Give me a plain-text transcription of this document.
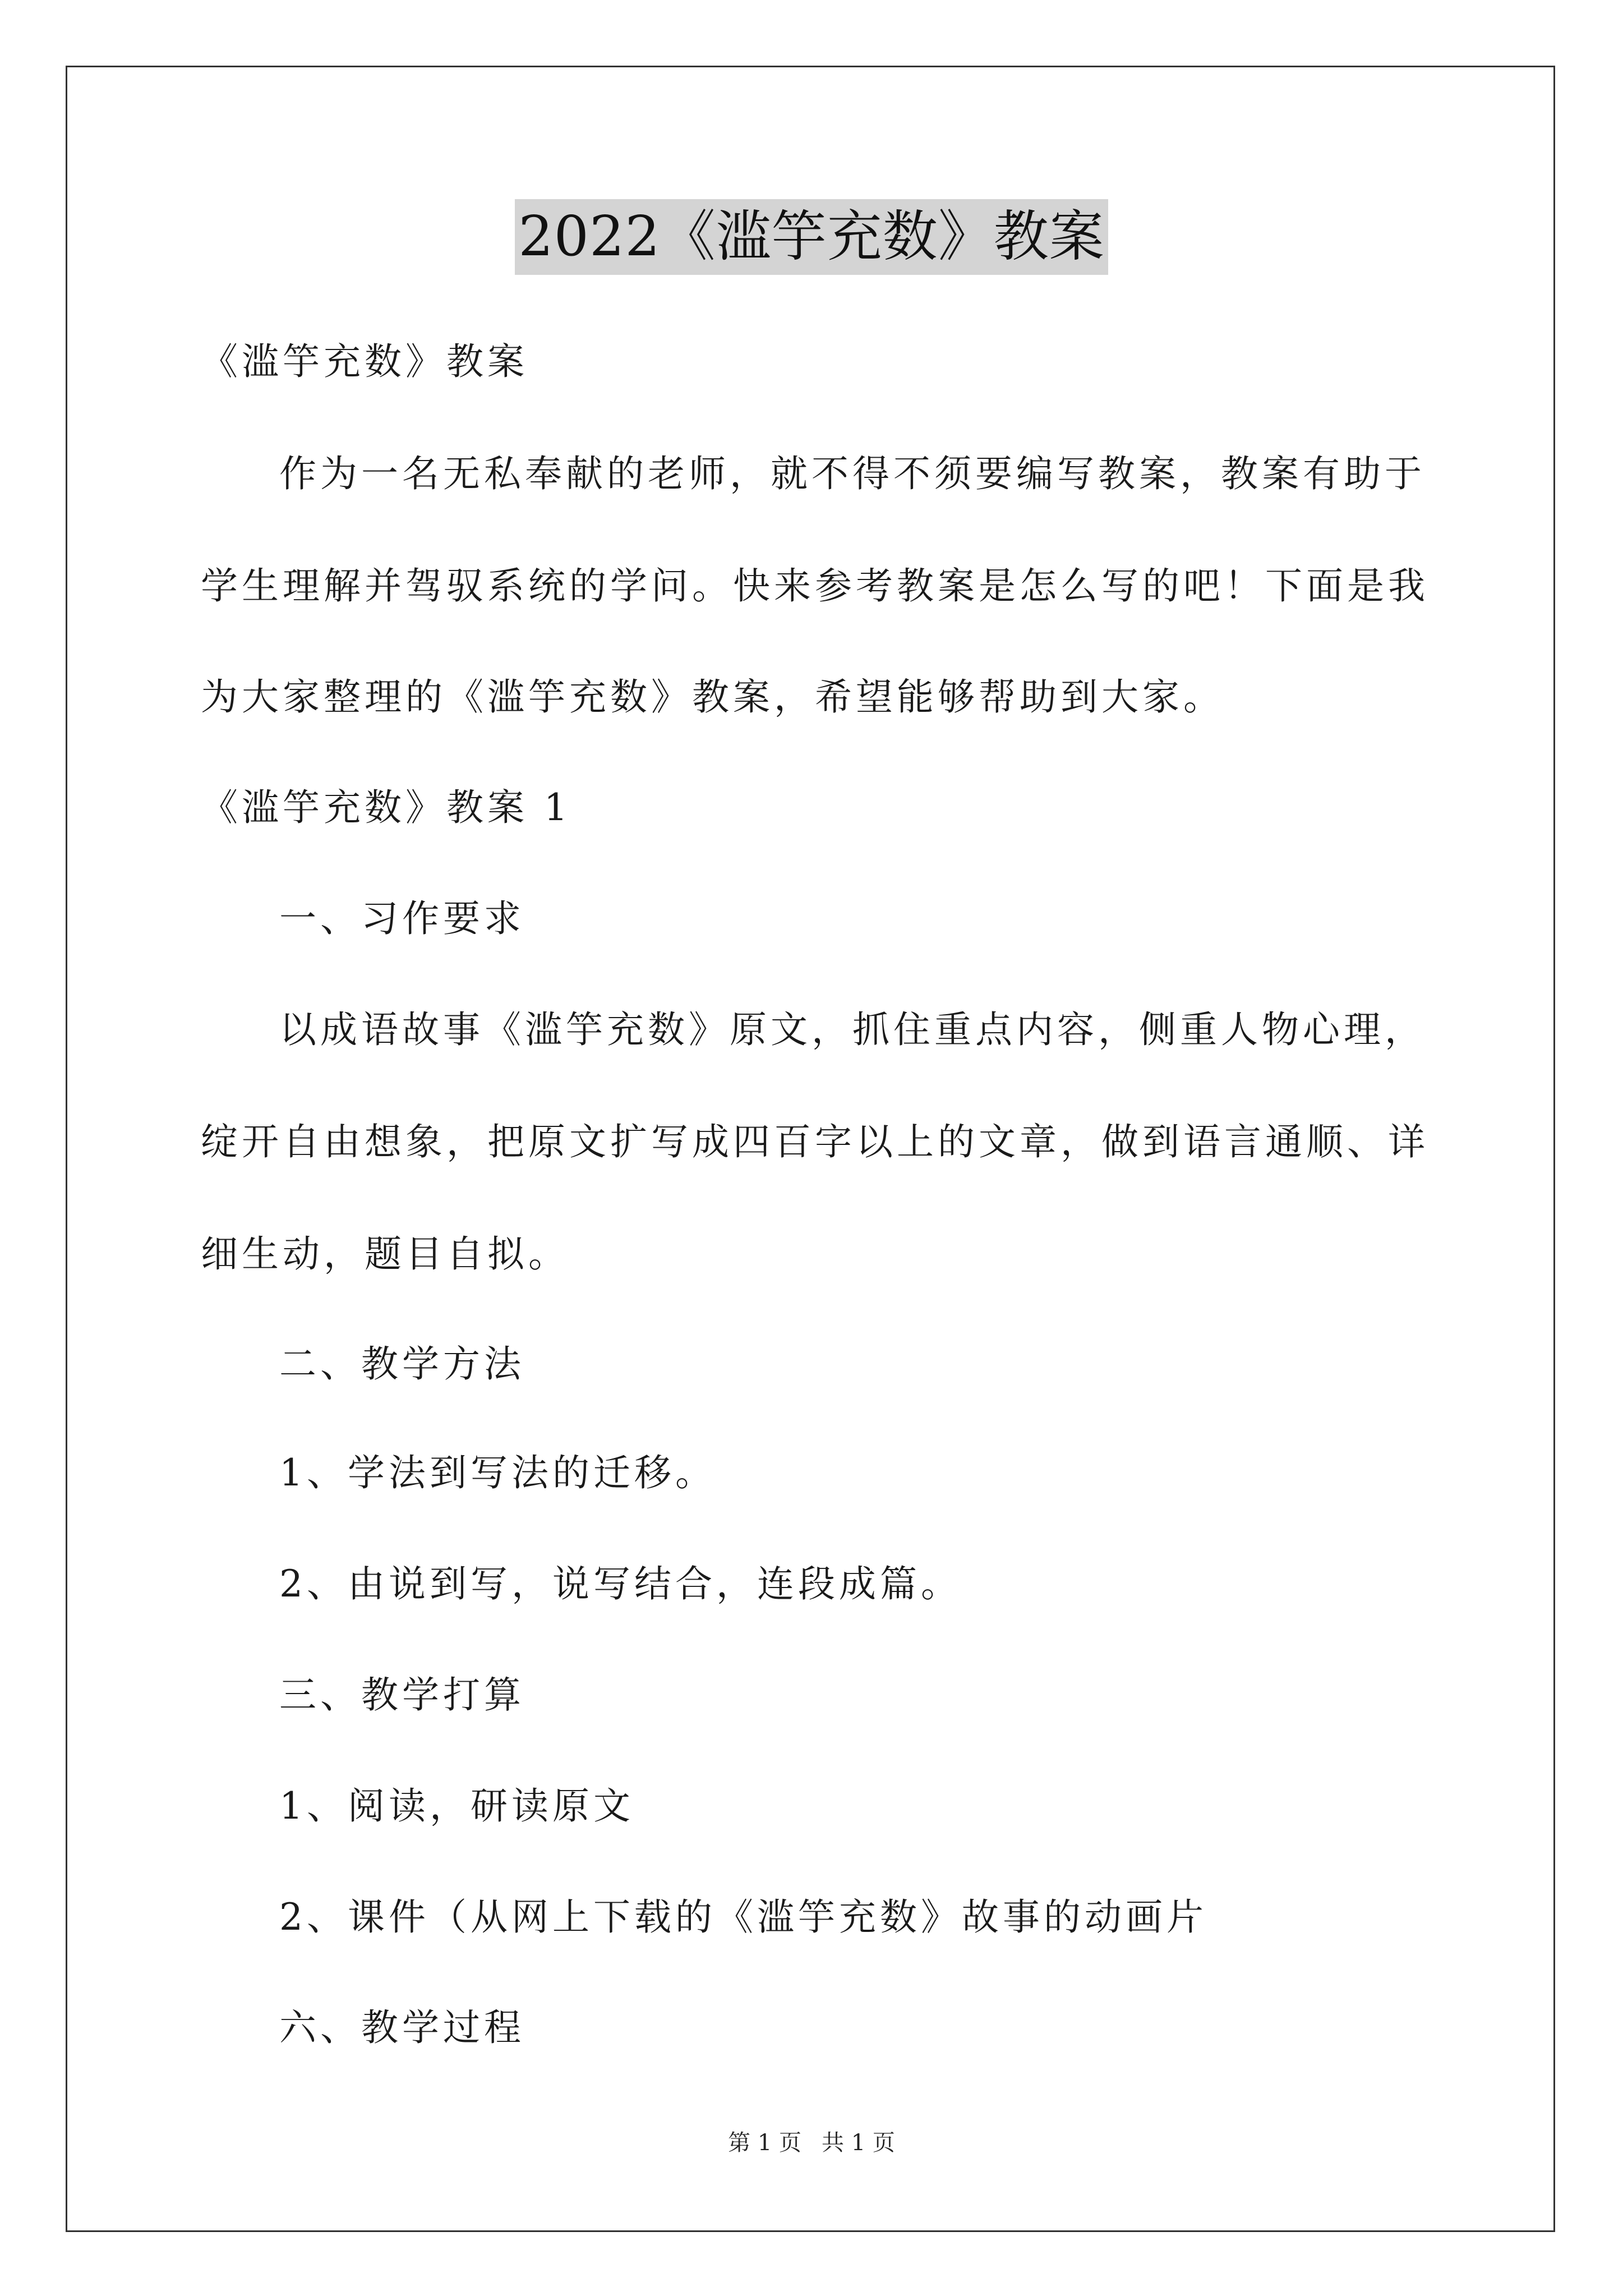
2022《滥竽充数》教案
《滥竽充数》教案
作为一名无私奉献的老师，就不得不须要编写教案，教案有助于
学生理解并驾驭系统的学问。快来参考教案是怎么写的吧！下面是我
为大家整理的《滥竽充数》教案，希望能够帮助到大家。
《滥竽充数》教案 1
一、习作要求
以成语故事《滥竽充数》原文，抓住重点内容，侧重人物心理，
绽开自由想象，把原文扩写成四百字以上的文章，做到语言通顺、详
细生动，题目自拟。
二、教学方法
1、学法到写法的迁移。
2、由说到写，说写结合，连段成篇。
三、教学打算
1、阅读，研读原文
2、课件（从网上下载的《滥竽充数》故事的动画片
六、教学过程
第 1 页 共 1 页
